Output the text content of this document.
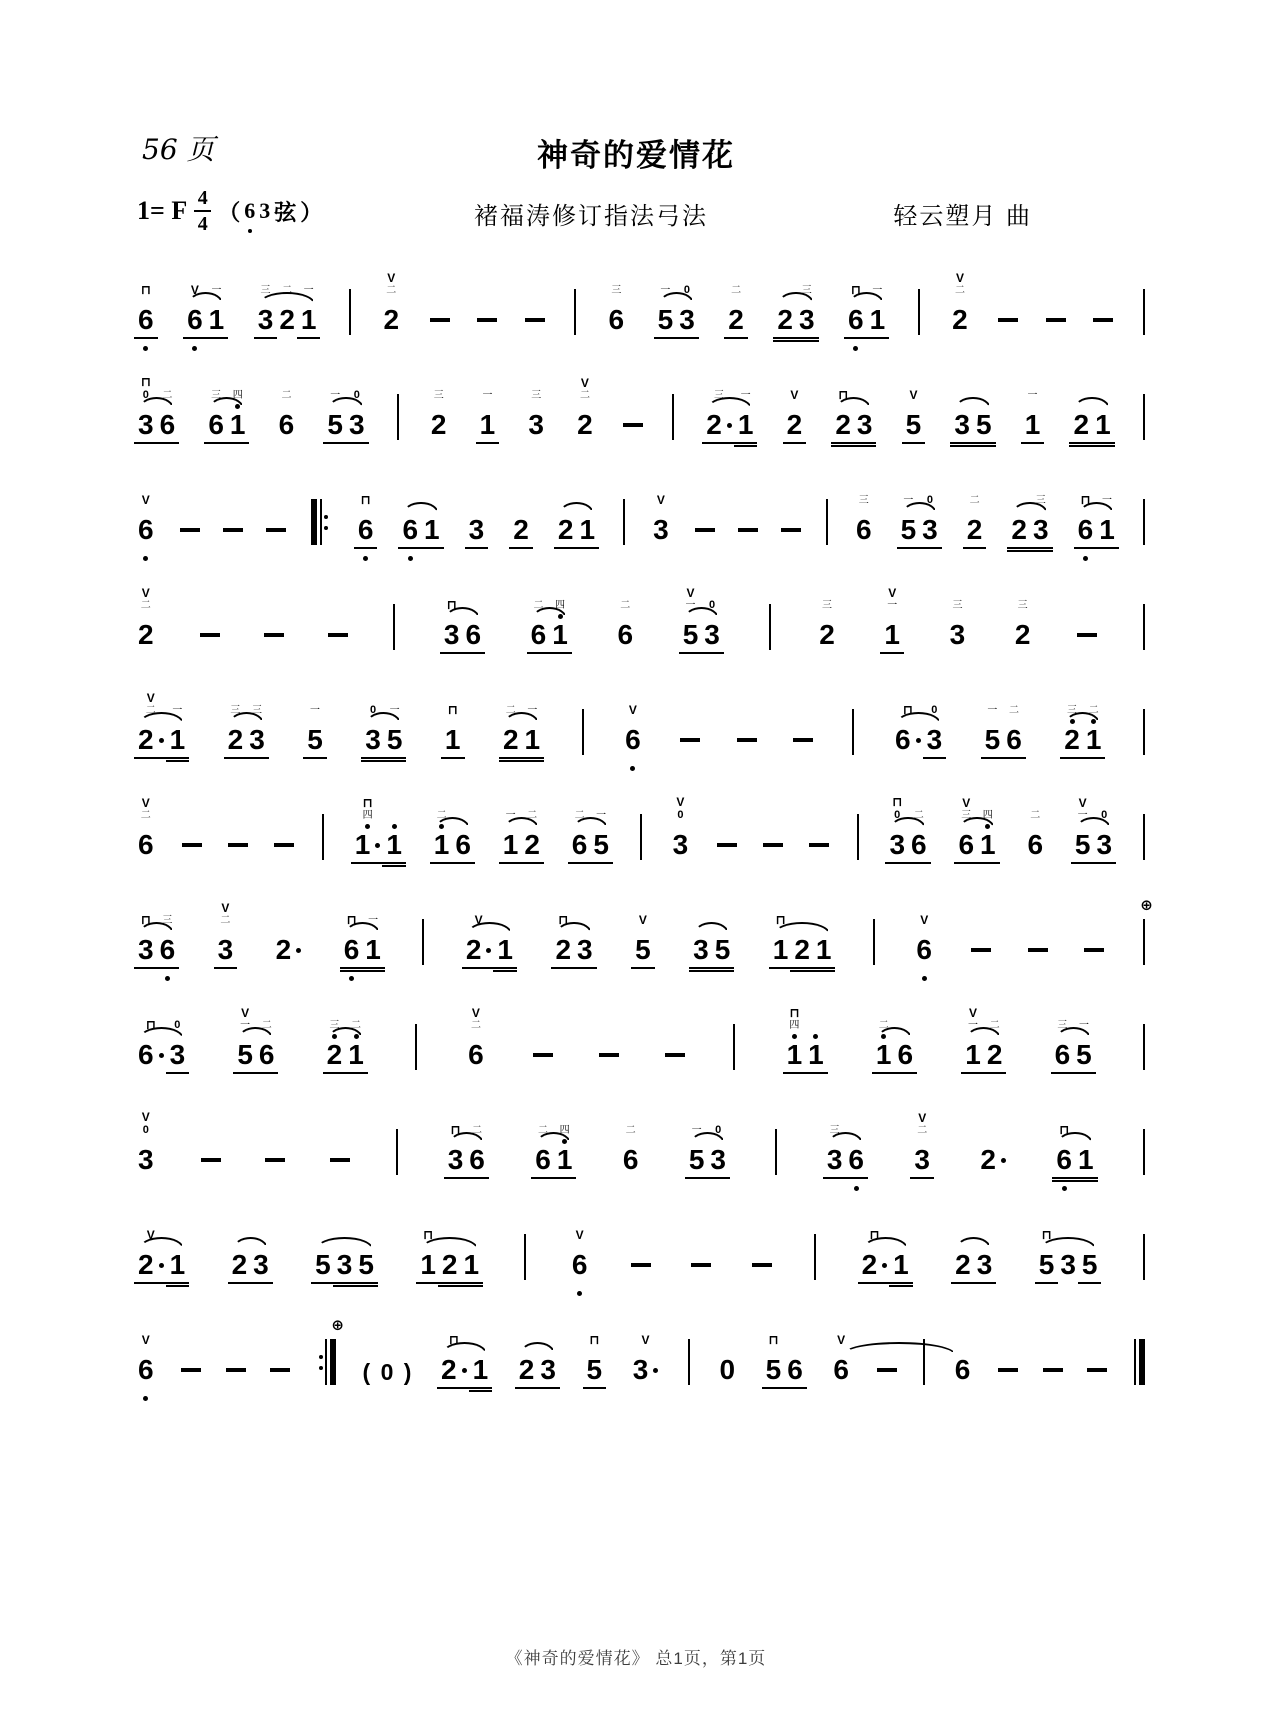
56 页	神奇的爱情花
1= F $\frac{4}{4}$ （ 6 3 弦 ）	褚福涛修订指法弓法	轻云塑月 曲
⊓
6
V
6
一
1
三
3
二
2
一
1
V
二
2
三
6
一
5
0
3
二
2 2
三
3
⊓
6
一
1
V
二
2
⊓
0
3
二
6
三
6
四
1
二
6
一
5
0
3
三
2
一
1
三
3
V
二
2
三
2
一
1
V
2
⊓
2 3
V
5 3 5
一
1 2 1
V
6
⊓
6 6 1 3 2 2 1
V
3
三
6
一
5
0
3
二
2 2
三
3
⊓
6
一
1
V
二
2
⊓
3 6
二
6
四
1
二
6
V
一
5
0
3
三
2
V
一
1
三
3
三
2
V
二
2
一
1
三
2
三
3
一
5
0
3
一
5
⊓
1
二
2
一
1
V
6
⊓
6
0
3
一
5
二
6
三
2
二
1
V
二
6
⊓
四
1 1
二
1 6
一
1
二
2
二
6
一
5
V
0
3
⊓
0
3
二
6
V
三
6
四
1
二
6
V
一
5
0
3
⊓
3
三
6
V
二
3 2
⊓
6
一
1
V
2 1
⊓
2 3
V
5 3 5
⊓
1 2 1
V
6
⊕
⊓
6
0
3
V
一
5
二
6
三
2
二
1
V
二
6
⊓
四
1 1
二
1 6
V
一
1
二
2
三
6
一
5
V
0
3
⊓
3
二
6
二
6
四
1
二
6
一
5
0
3
三
3 6
V
二
3 2
⊓
6 1
V
2 1 2 3 5 3 5
⊓
1 2 1
V
6
⊓
2 1 2 3
⊓
5 3 5
V
6
⊕
( 0 )
⊓
2 1 2 3
⊓
5
V
3	0
⊓
5 6
V
6	6
《神奇的爱情花》 总1页，第1页
